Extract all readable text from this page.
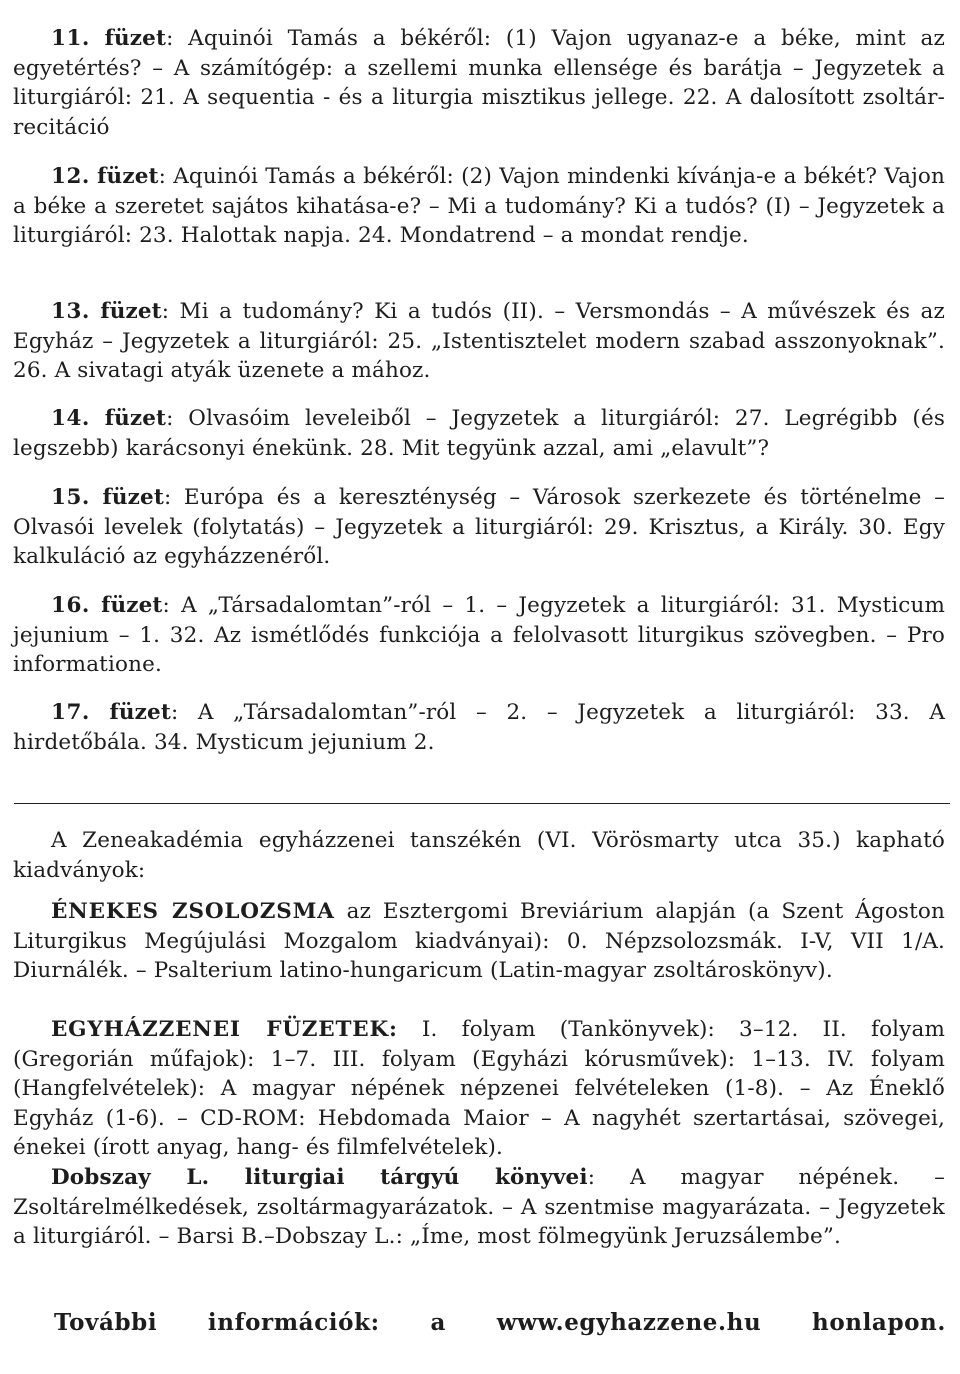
11. füzet: Aquinói Tamás a békéről: (1) Vajon ugyanaz-e a béke, mint az egyetértés? – A számítógép: a szellemi munka ellensége és barátja – Jegyzetek a liturgiáról: 21. A sequentia - és a liturgia misztikus jellege. 22. A dalosított zsoltár-recitáció

12. füzet: Aquinói Tamás a békéről: (2) Vajon mindenki kívánja-e a békét? Vajon a béke a szeretet sajátos kihatása-e? – Mi a tudomány? Ki a tudós? (I) – Jegyzetek a liturgiáról: 23. Halottak napja. 24. Mondatrend – a mondat rendje.

13. füzet: Mi a tudomány? Ki a tudós (II). – Versmondás – A művészek és az Egyház – Jegyzetek a liturgiáról: 25. „Istentisztelet modern szabad asszonyoknak”. 26. A sivatagi atyák üzenete a mához.

14. füzet: Olvasóim leveleiből – Jegyzetek a liturgiáról: 27. Legrégibb (és legszebb) karácsonyi énekünk. 28. Mit tegyünk azzal, ami „elavult”?

15. füzet: Európa és a kereszténység – Városok szerkezete és történelme – Olvasói levelek (folytatás) – Jegyzetek a liturgiáról: 29. Krisztus, a Király. 30. Egy kalkuláció az egyházzenéről.

16. füzet: A „Társadalomtan”-ról – 1. – Jegyzetek a liturgiáról: 31. Mysticum jejunium – 1. 32. Az ismétlődés funkciója a felolvasott liturgikus szövegben. – Pro informatione.

17. füzet: A „Társadalomtan”-ról – 2. – Jegyzetek a liturgiáról: 33. A hirdetőbála. 34. Mysticum jejunium 2.

A Zeneakadémia egyházzenei tanszékén (VI. Vörösmarty utca 35.) kapható kiadványok:

ÉNEKES ZSOLOZSMA az Esztergomi Breviárium alapján (a Szent Ágoston Liturgikus Megújulási Mozgalom kiadványai): 0. Népzsolozsmák. I-V, VII 1/A. Diurnálék. – Psalterium latino-hungaricum (Latin-magyar zsoltároskönyv).

EGYHÁZZENEI FÜZETEK: I. folyam (Tankönyvek): 3–12. II. folyam (Gregorián műfajok): 1–7. III. folyam (Egyházi kórusművek): 1–13. IV. folyam (Hangfelvételek): A magyar népének népzenei felvételeken (1-8). – Az Éneklő Egyház (1-6). – CD-ROM: Hebdomada Maior – A nagyhét szertartásai, szövegei, énekei (írott anyag, hang- és filmfelvételek).

Dobszay L. liturgiai tárgyú könyvei: A magyar népének. – Zsoltárelmélkedések, zsoltármagyarázatok. – A szentmise magyarázata. – Jegyzetek a liturgiáról. – Barsi B.–Dobszay L.: „Íme, most fölmegyünk Jeruzsálembe”.

További információk: a www.egyhazzene.hu honlapon.
